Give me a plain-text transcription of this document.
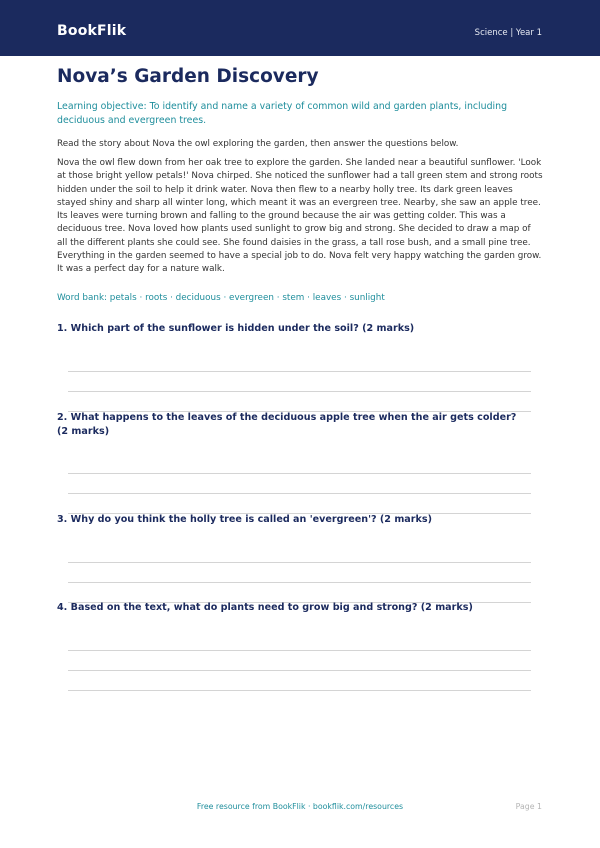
BookFlik	Science | Year 1
Nova’s Garden Discovery
Learning objective: To identify and name a variety of common wild and garden plants, including deciduous and evergreen trees.
Read the story about Nova the owl exploring the garden, then answer the questions below.
Nova the owl flew down from her oak tree to explore the garden. She landed near a beautiful sunflower. 'Look at those bright yellow petals!' Nova chirped. She noticed the sunflower had a tall green stem and strong roots hidden under the soil to help it drink water. Nova then flew to a nearby holly tree. Its dark green leaves stayed shiny and sharp all winter long, which meant it was an evergreen tree. Nearby, she saw an apple tree. Its leaves were turning brown and falling to the ground because the air was getting colder. This was a deciduous tree. Nova loved how plants used sunlight to grow big and strong. She decided to draw a map of all the different plants she could see. She found daisies in the grass, a tall rose bush, and a small pine tree. Everything in the garden seemed to have a special job to do. Nova felt very happy watching the garden grow. It was a perfect day for a nature walk.
Word bank: petals · roots · deciduous · evergreen · stem · leaves · sunlight
1. Which part of the sunflower is hidden under the soil? (2 marks)
2. What happens to the leaves of the deciduous apple tree when the air gets colder? (2 marks)
3. Why do you think the holly tree is called an 'evergreen'? (2 marks)
4. Based on the text, what do plants need to grow big and strong? (2 marks)
Free resource from BookFlik · bookflik.com/resources	Page 1
